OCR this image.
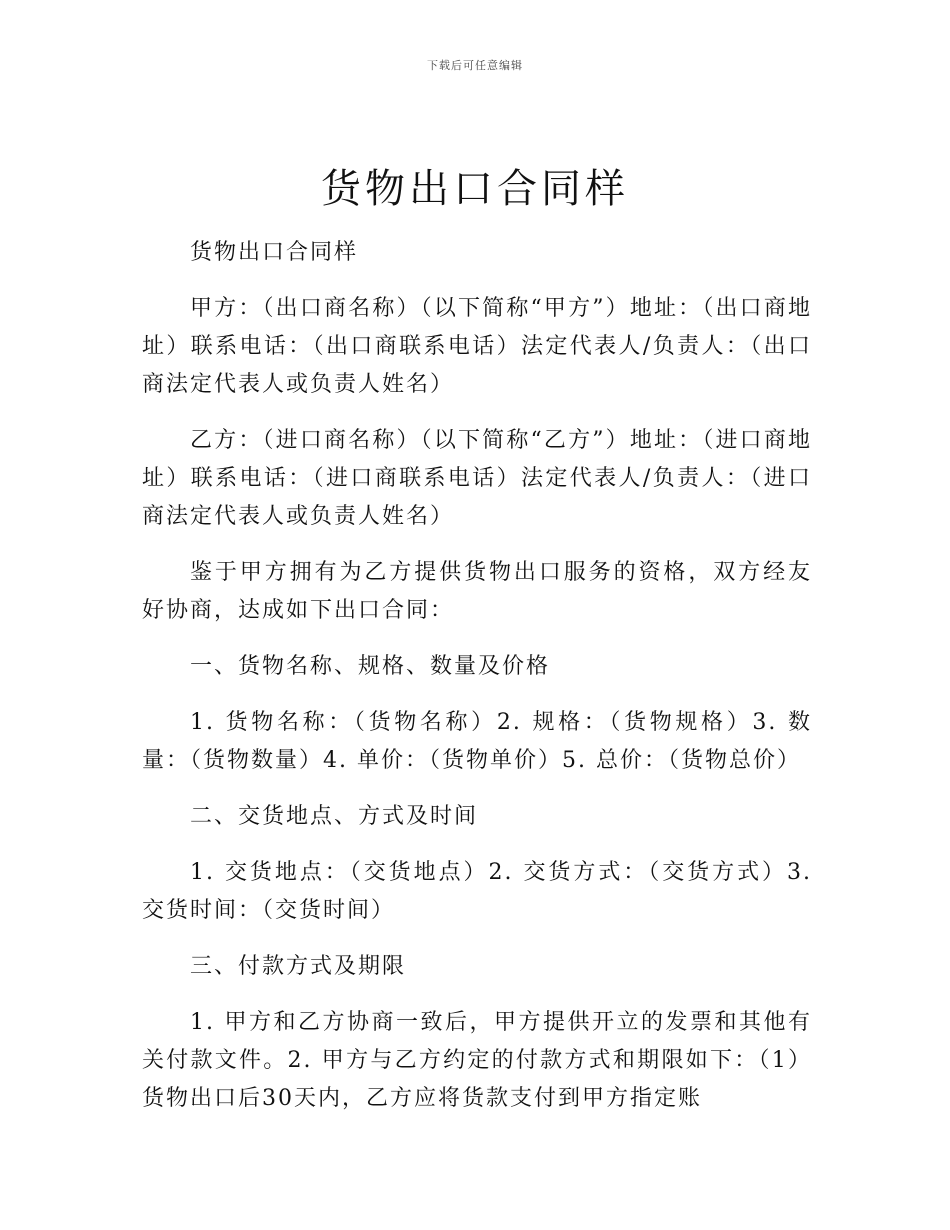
下载后可任意编辑
货物出口合同样

货物出口合同样

甲方：（出口商名称）（以下简称“甲方”）地址：（出口商地址）联系电话：（出口商联系电话）法定代表人/负责人：（出口商法定代表人或负责人姓名）

乙方：（进口商名称）（以下简称“乙方”）地址：（进口商地址）联系电话：（进口商联系电话）法定代表人/负责人：（进口商法定代表人或负责人姓名）

鉴于甲方拥有为乙方提供货物出口服务的资格，双方经友好协商，达成如下出口合同：

一、货物名称、规格、数量及价格

1. 货物名称：（货物名称）2. 规格：（货物规格）3. 数量：（货物数量）4. 单价：（货物单价）5. 总价：（货物总价）

二、交货地点、方式及时间

1. 交货地点：（交货地点）2. 交货方式：（交货方式）3. 交货时间：（交货时间）

三、付款方式及期限

1. 甲方和乙方协商一致后，甲方提供开立的发票和其他有关付款文件。2. 甲方与乙方约定的付款方式和期限如下：（1）货物出口后30天内，乙方应将货款支付到甲方指定账
